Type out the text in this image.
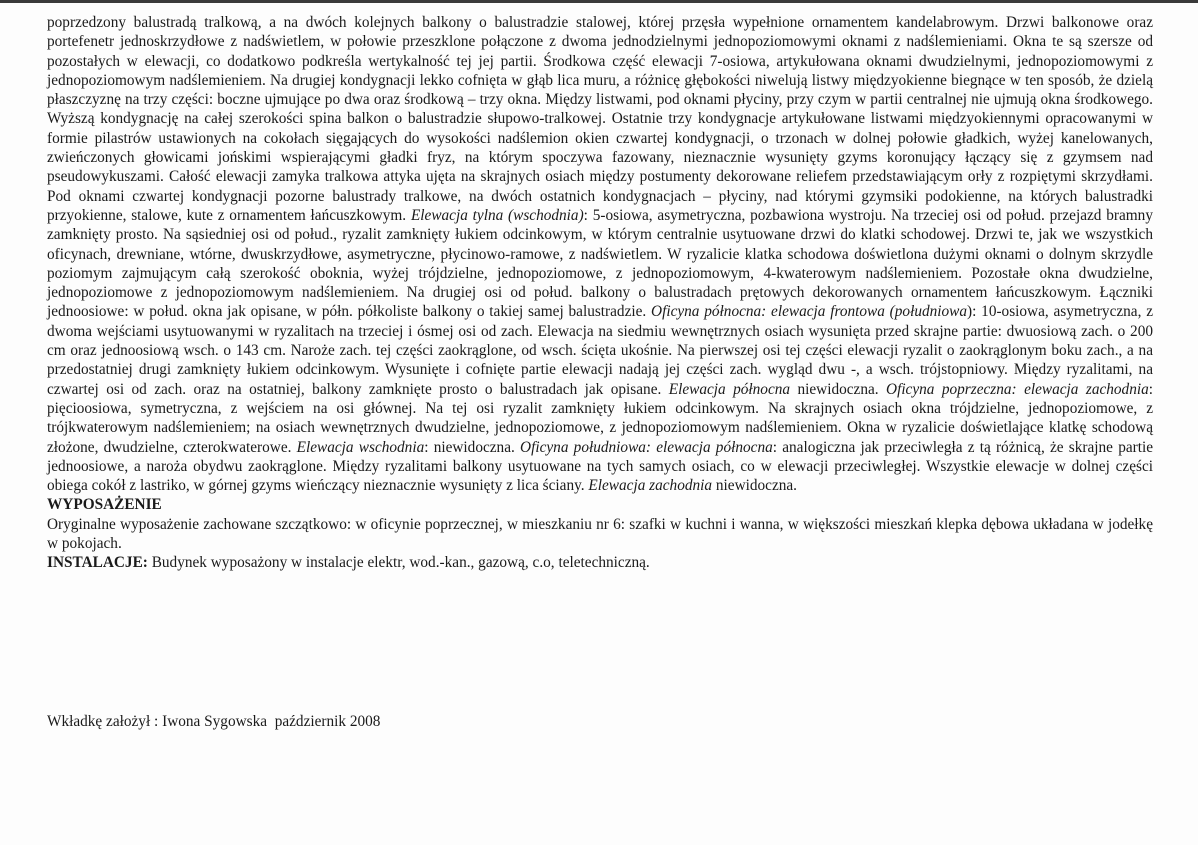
poprzedzony balustradą tralkową, a na dwóch kolejnych balkony o balustradzie stalowej, której przęsła wypełnione ornamentem kandelabrowym. Drzwi balkonowe oraz portefenetr jednoskrzydłowe z nadświetlem, w połowie przeszklone połączone z dwoma jednodzielnymi jednopoziomowymi oknami z nadślemieniami. Okna te są szersze od pozostałych w elewacji, co dodatkowo podkreśla wertykalność tej jej partii. Środkowa część elewacji 7-osiowa, artykułowana oknami dwudzielnymi, jednopoziomowymi z jednopoziomowym nadślemieniem. Na drugiej kondygnacji lekko cofnięta w głąb lica muru, a różnicę głębokości niwelują listwy międzyokienne biegnące w ten sposób, że dzielą płaszczyznę na trzy części: boczne ujmujące po dwa oraz środkową – trzy okna. Między listwami, pod oknami płyciny, przy czym w partii centralnej nie ujmują okna środkowego. Wyższą kondygnację na całej szerokości spina balkon o balustradzie słupowo-tralkowej. Ostatnie trzy kondygnacje artykułowane listwami międzyokiennymi opracowanymi w formie pilastrów ustawionych na cokołach sięgających do wysokości nadślemion okien czwartej kondygnacji, o trzonach w dolnej połowie gładkich, wyżej kanelowanych, zwieńczonych głowicami jońskimi wspierającymi gładki fryz, na którym spoczywa fazowany, nieznacznie wysunięty gzyms koronujący łączący się z gzymsem nad pseudowykuszami. Całość elewacji zamyka tralkowa attyka ujęta na skrajnych osiach między postumenty dekorowane reliefem przedstawiającym orły z rozpiętymi skrzydłami. Pod oknami czwartej kondygnacji pozorne balustrady tralkowe, na dwóch ostatnich kondygnacjach – płyciny, nad którymi gzymsiki podokienne, na których balustradki przyokienne, stalowe, kute z ornamentem łańcuszkowym. Elewacja tylna (wschodnia): 5-osiowa, asymetryczna, pozbawiona wystroju. Na trzeciej osi od połud. przejazd bramny zamknięty prosto. Na sąsiedniej osi od połud., ryzalit zamknięty łukiem odcinkowym, w którym centralnie usytuowane drzwi do klatki schodowej. Drzwi te, jak we wszystkich oficynach, drewniane, wtórne, dwuskrzydłowe, asymetryczne, płycinowo-ramowe, z nadświetlem. W ryzalicie klatka schodowa doświetlona dużymi oknami o dolnym skrzydle poziomym zajmującym całą szerokość oboknia, wyżej trójdzielne, jednopoziomowe, z jednopoziomowym, 4-kwaterowym nadślemieniem. Pozostałe okna dwudzielne, jednopoziomowe z jednopoziomowym nadślemieniem. Na drugiej osi od połud. balkony o balustradach prętowych dekorowanych ornamentem łańcuszkowym. Łączniki jednoosiowe: w połud. okna jak opisane, w półn. półkoliste balkony o takiej samej balustradzie. Oficyna północna: elewacja frontowa (południowa): 10-osiowa, asymetryczna, z dwoma wejściami usytuowanymi w ryzalitach na trzeciej i ósmej osi od zach. Elewacja na siedmiu wewnętrznych osiach wysunięta przed skrajne partie: dwuosiową zach. o 200 cm oraz jednoosiową wsch. o 143 cm. Naroże zach. tej części zaokrąglone, od wsch. ścięta ukośnie. Na pierwszej osi tej części elewacji ryzalit o zaokrąglonym boku zach., a na przedostatniej drugi zamknięty łukiem odcinkowym. Wysunięte i cofnięte partie elewacji nadają jej części zach. wygląd dwu -, a wsch. trójstopniowy. Między ryzalitami, na czwartej osi od zach. oraz na ostatniej, balkony zamknięte prosto o balustradach jak opisane. Elewacja północna niewidoczna. Oficyna poprzeczna: elewacja zachodnia: pięcioosiowa, symetryczna, z wejściem na osi głównej. Na tej osi ryzalit zamknięty łukiem odcinkowym. Na skrajnych osiach okna trójdzielne, jednopoziomowe, z trójkwaterowym nadślemieniem; na osiach wewnętrznych dwudzielne, jednopoziomowe, z jednopoziomowym nadślemieniem. Okna w ryzalicie doświetlające klatkę schodową złożone, dwudzielne, czterokwaterowe. Elewacja wschodnia: niewidoczna. Oficyna południowa: elewacja północna: analogiczna jak przeciwległa z tą różnicą, że skrajne partie jednoosiowe, a naroża obydwu zaokrąglone. Między ryzalitami balkony usytuowane na tych samych osiach, co w elewacji przeciwległej. Wszystkie elewacje w dolnej części obiega cokół z lastriko, w górnej gzyms wieńczący nieznacznie wysunięty z lica ściany. Elewacja zachodnia niewidoczna.

WYPOSAŻENIE

Oryginalne wyposażenie zachowane szczątkowo: w oficynie poprzecznej, w mieszkaniu nr 6: szafki w kuchni i wanna, w większości mieszkań klepka dębowa układana w jodełkę w pokojach.

INSTALACJE: Budynek wyposażony w instalacje elektr, wod.-kan., gazową, c.o, teletechniczną.

Wkładkę założył : Iwona Sygowska  październik 2008
